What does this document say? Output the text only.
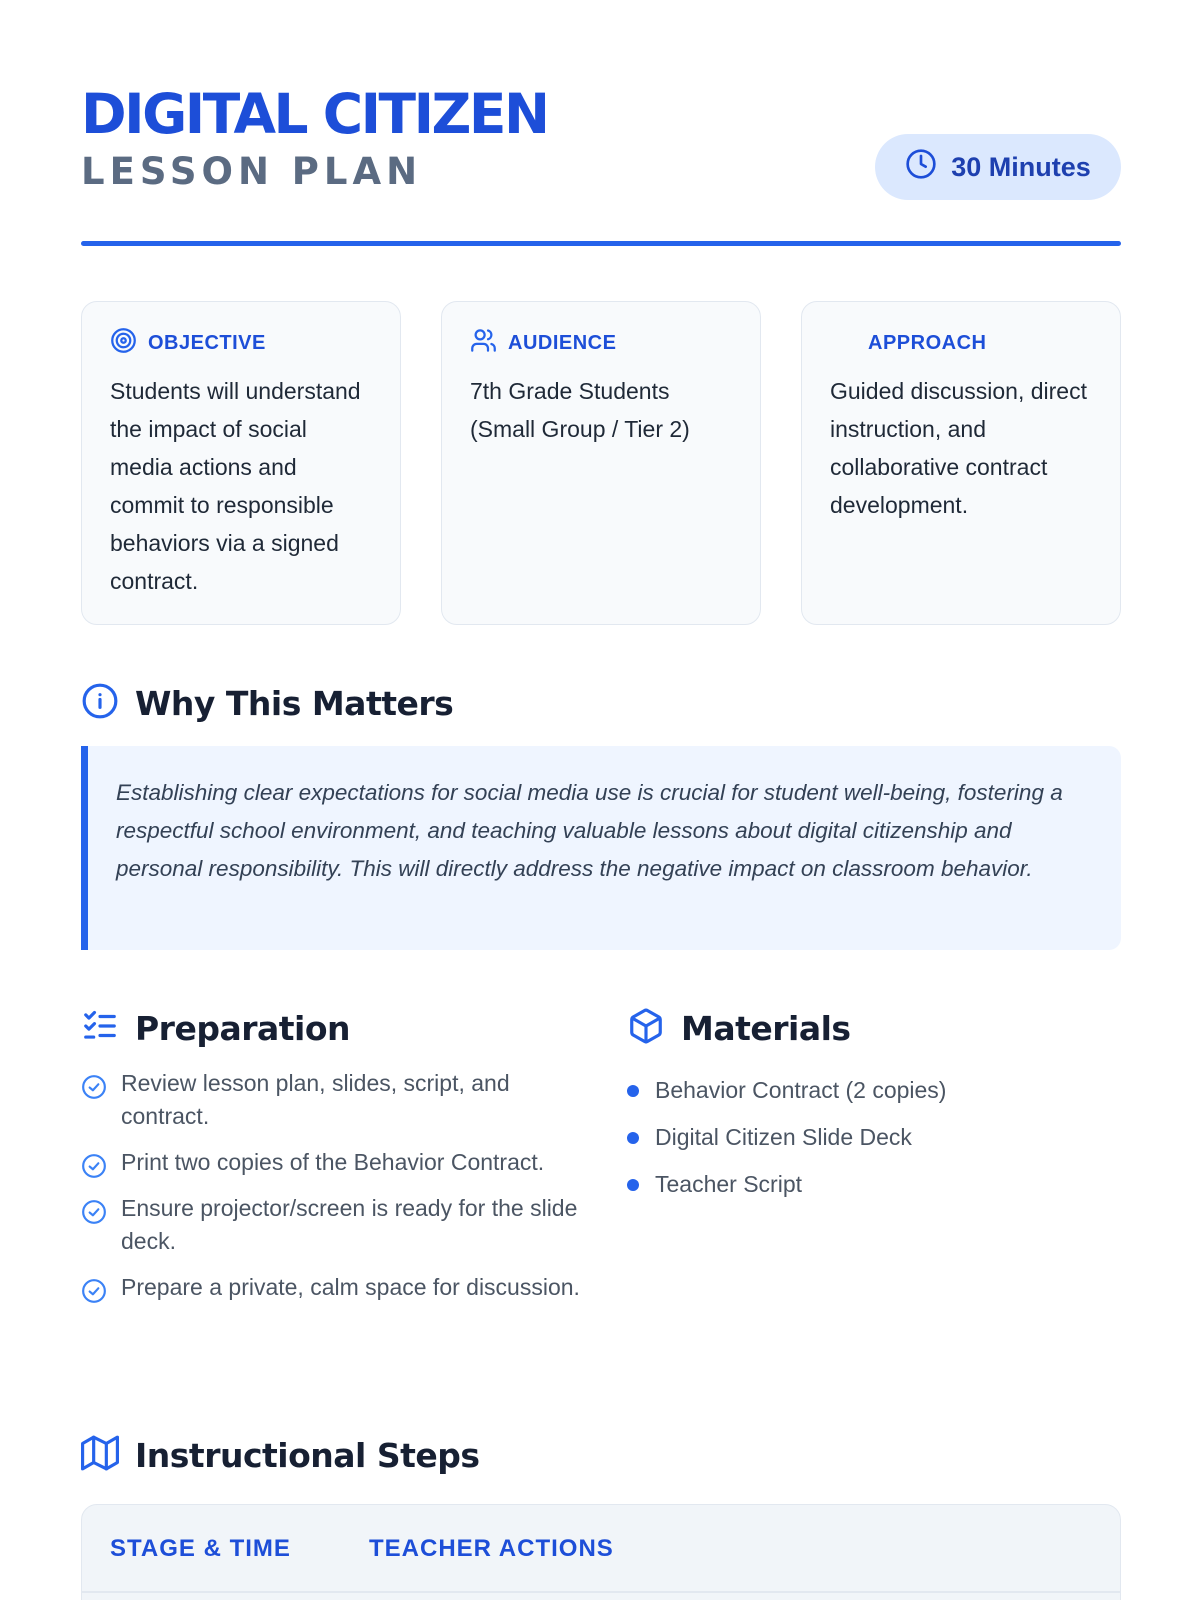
DIGITAL CITIZEN
LESSON PLAN	30 Minutes
OBJECTIVE
Students will understand the impact of social media actions and commit to responsible behaviors via a signed contract.
AUDIENCE
7th Grade Students (Small Group / Tier 2)
APPROACH
Guided discussion, direct instruction, and collaborative contract development.
Why This Matters
Establishing clear expectations for social media use is crucial for student well-being, fostering a respectful school environment, and teaching valuable lessons about digital citizenship and personal responsibility. This will directly address the negative impact on classroom behavior.
Preparation
Review lesson plan, slides, script, and contract.
Print two copies of the Behavior Contract.
Ensure projector/screen is ready for the slide deck.
Prepare a private, calm space for discussion.
Materials
Behavior Contract (2 copies)
Digital Citizen Slide Deck
Teacher Script
Instructional Steps
STAGE & TIME	TEACHER ACTIONS
